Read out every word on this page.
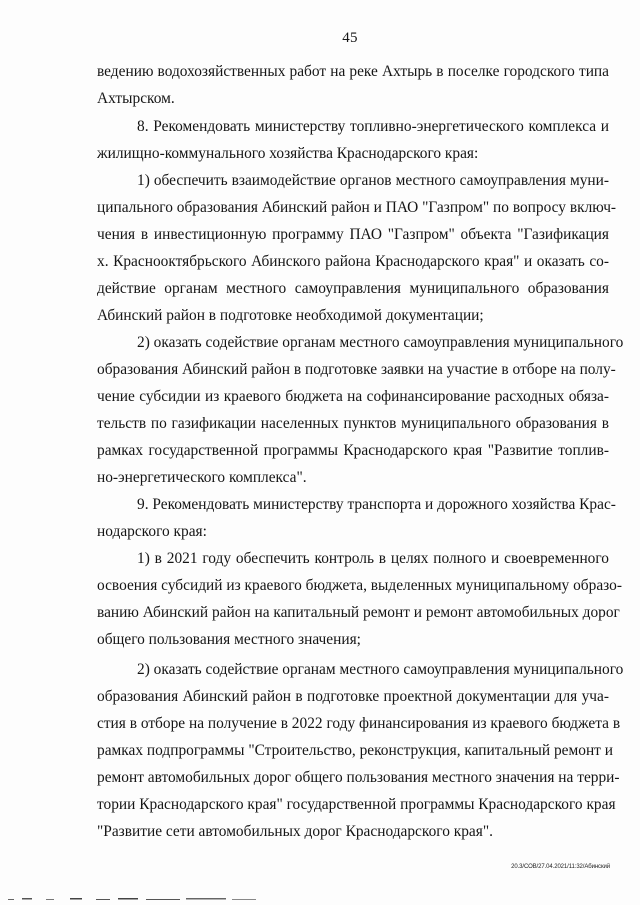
45
ведению водохозяйственных работ на реке Ахтырь в поселке городского типа
Ахтырском.
8. Рекомендовать министерству топливно-энергетического комплекса и
жилищно-коммунального хозяйства Краснодарского края:
1) обеспечить взаимодействие органов местного самоуправления муни-
ципального образования Абинский район и ПАО "Газпром" по вопросу включ-
чения в инвестиционную программу ПАО "Газпром" объекта "Газификация
х. Краснооктябрьского Абинского района Краснодарского края" и оказать со-
действие органам местного самоуправления муниципального образования
Абинский район в подготовке необходимой документации;
2) оказать содействие органам местного самоуправления муниципального
образования Абинский район в подготовке заявки на участие в отборе на полу-
чение субсидии из краевого бюджета на софинансирование расходных обяза-
тельств по газификации населенных пунктов муниципального образования в
рамках государственной программы Краснодарского края "Развитие топлив-
но-энергетического комплекса".
9. Рекомендовать министерству транспорта и дорожного хозяйства Крас-
нодарского края:
1) в 2021 году обеспечить контроль в целях полного и своевременного
освоения субсидий из краевого бюджета, выделенных муниципальному образо-
ванию Абинский район на капитальный ремонт и ремонт автомобильных дорог
общего пользования местного значения;
2) оказать содействие органам местного самоуправления муниципального
образования Абинский район в подготовке проектной документации для уча-
стия в отборе на получение в 2022 году финансирования из краевого бюджета в
рамках подпрограммы "Строительство, реконструкция, капитальный ремонт и
ремонт автомобильных дорог общего пользования местного значения на терри-
тории Краснодарского края" государственной программы Краснодарского края
"Развитие сети автомобильных дорог Краснодарского края".
20.3/СОВ/27.04.2021/11:32/Абинский
